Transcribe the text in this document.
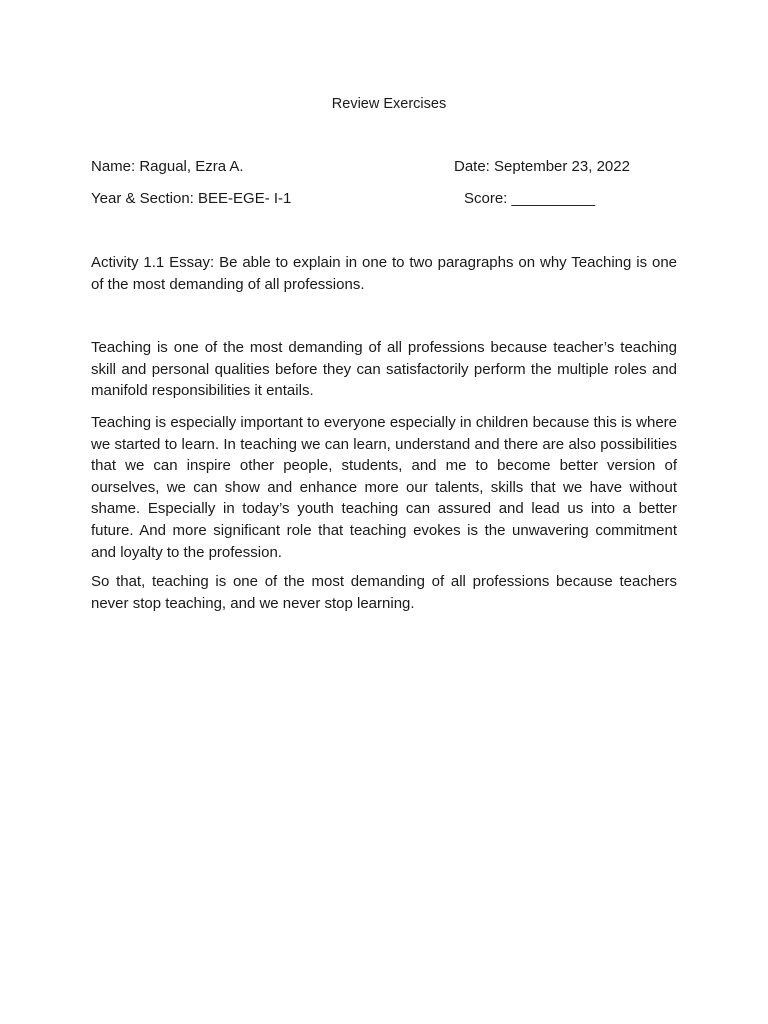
Review Exercises
Name: Ragual, Ezra A.	Date: September 23, 2022
Year & Section: BEE-EGE- I-1	Score: __________

Activity 1.1 Essay: Be able to explain in one to two paragraphs on why Teaching is one of the most demanding of all professions.

Teaching is one of the most demanding of all professions because teacher’s teaching skill and personal qualities before they can satisfactorily perform the multiple roles and manifold responsibilities it entails.

Teaching is especially important to everyone especially in children because this is where we started to learn. In teaching we can learn, understand and there are also possibilities that we can inspire other people, students, and me to become better version of ourselves, we can show and enhance more our talents, skills that we have without shame. Especially in today’s youth teaching can assured and lead us into a better future. And more significant role that teaching evokes is the unwavering commitment and loyalty to the profession.

So that, teaching is one of the most demanding of all professions because teachers never stop teaching, and we never stop learning.
